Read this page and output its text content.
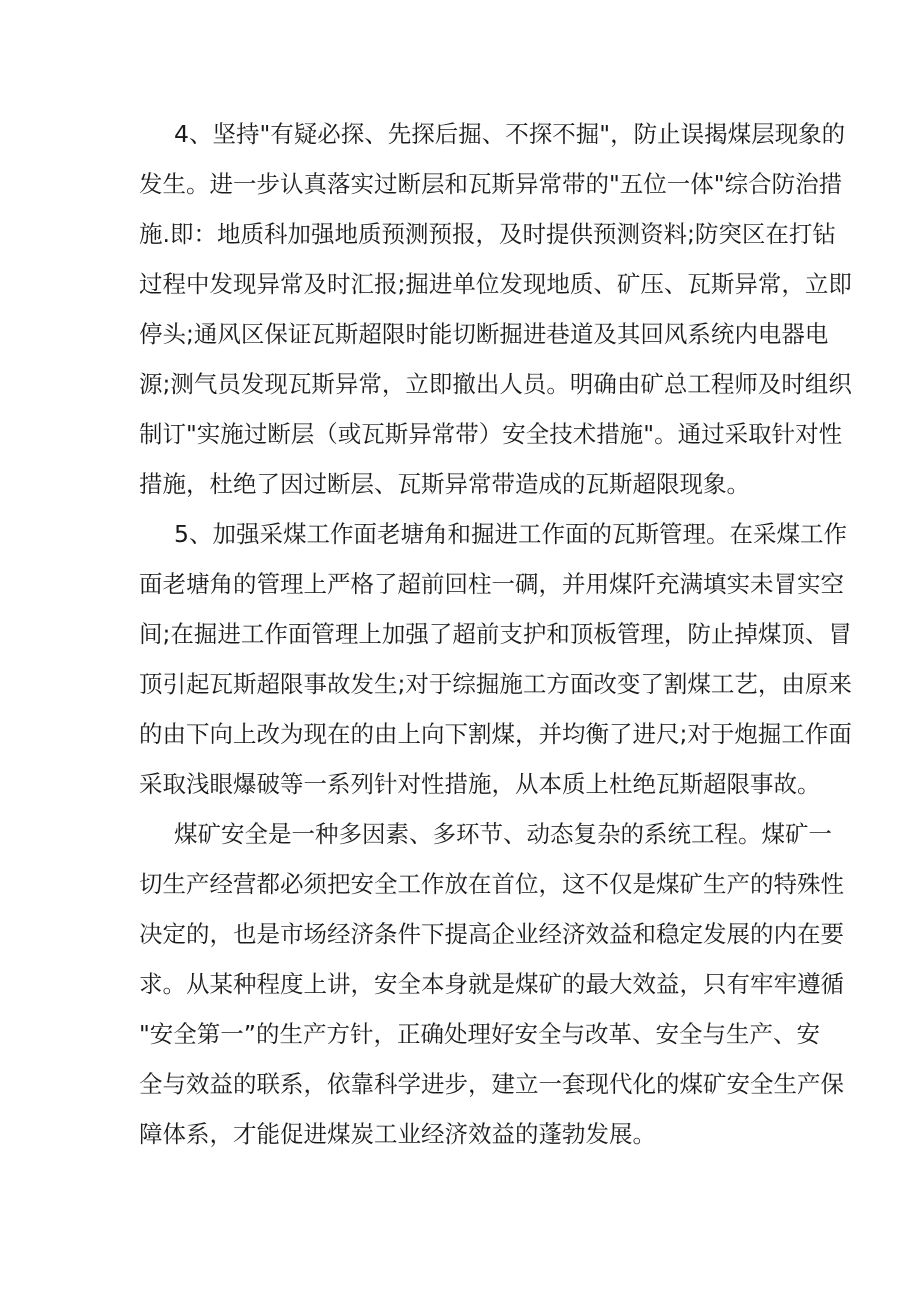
4、坚持"有疑必探、先探后掘、不探不掘"，防止误揭煤层现象的
发生。进一步认真落实过断层和瓦斯异常带的"五位一体"综合防治措
施.即：地质科加强地质预测预报，及时提供预测资料;防突区在打钻
过程中发现异常及时汇报;掘进单位发现地质、矿压、瓦斯异常，立即
停头;通风区保证瓦斯超限时能切断掘进巷道及其回风系统内电器电
源;测气员发现瓦斯异常，立即撤出人员。明确由矿总工程师及时组织
制订"实施过断层（或瓦斯异常带）安全技术措施"。通过采取针对性
措施，杜绝了因过断层、瓦斯异常带造成的瓦斯超限现象。
5、加强采煤工作面老塘角和掘进工作面的瓦斯管理。在采煤工作
面老塘角的管理上严格了超前回柱一碉，并用煤阡充满填实未冒实空
间;在掘进工作面管理上加强了超前支护和顶板管理，防止掉煤顶、冒
顶引起瓦斯超限事故发生;对于综掘施工方面改变了割煤工艺，由原来
的由下向上改为现在的由上向下割煤，并均衡了进尺;对于炮掘工作面
采取浅眼爆破等一系列针对性措施，从本质上杜绝瓦斯超限事故。
煤矿安全是一种多因素、多环节、动态复杂的系统工程。煤矿一
切生产经营都必须把安全工作放在首位，这不仅是煤矿生产的特殊性
决定的，也是市场经济条件下提高企业经济效益和稳定发展的内在要
求。从某种程度上讲，安全本身就是煤矿的最大效益，只有牢牢遵循
"安全第一”的生产方针，正确处理好安全与改革、安全与生产、安
全与效益的联系，依靠科学进步，建立一套现代化的煤矿安全生产保
障体系，才能促进煤炭工业经济效益的蓬勃发展。
